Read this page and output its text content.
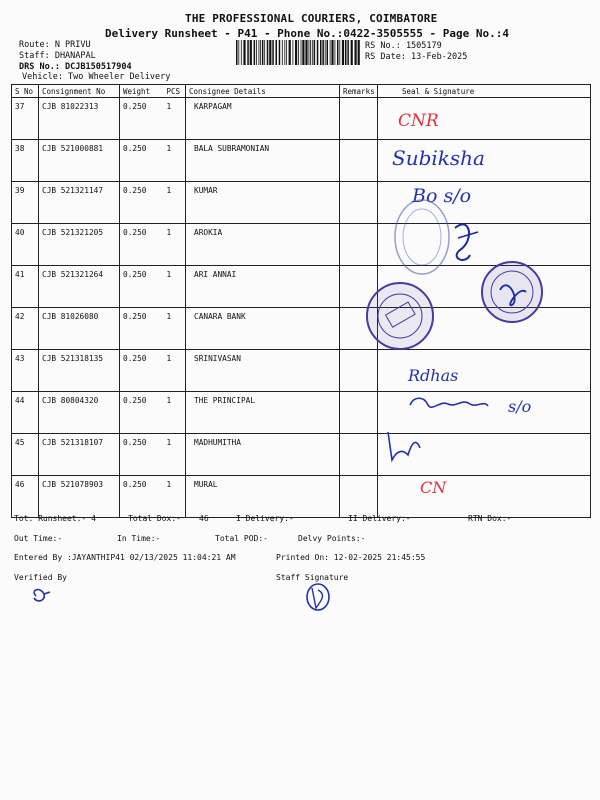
THE PROFESSIONAL COURIERS, COIMBATORE
Delivery Runsheet - P41 - Phone No.:0422-3505555 - Page No.:4
Route: N PRIVU
Staff: DHANAPAL
DRS No.: DCJB150517904
Vehicle: Two Wheeler Delivery
RS No.: 1505179
RS Date: 13-Feb-2025
S No	Consignment No	Weight	PCS	Consignee Details	Remarks	Seal & Signature
37	CJB 81022313	0.250	1	KARPAGAM		
38	CJB 521000881	0.250	1	BALA SUBRAMONIAN		
39	CJB 521321147	0.250	1	KUMAR		
40	CJB 521321205	0.250	1	AROKIA		
41	CJB 521321264	0.250	1	ARI ANNAI		
42	CJB 81026080	0.250	1	CANARA BANK		
43	CJB 521318135	0.250	1	SRINIVASAN		
44	CJB 80804320	0.250	1	THE PRINCIPAL		
45	CJB 521318107	0.250	1	MADHUMITHA		
46	CJB 521078903	0.250	1	MURAL		
CNR
Subiksha
Bo s/o
Rdhas
s/o
CN
Tot. Runsheet:- 4	Total Dox:- 46	I Delivery:-	II Delivery:-	RTN Dox:-
Out Time:-	In Time:-	Total POD:-	Delvy Points:-
Entered By :JAYANTHIP41 02/13/2025 11:04:21 AM	Printed On: 12-02-2025 21:45:55
Verified By	Staff Signature
